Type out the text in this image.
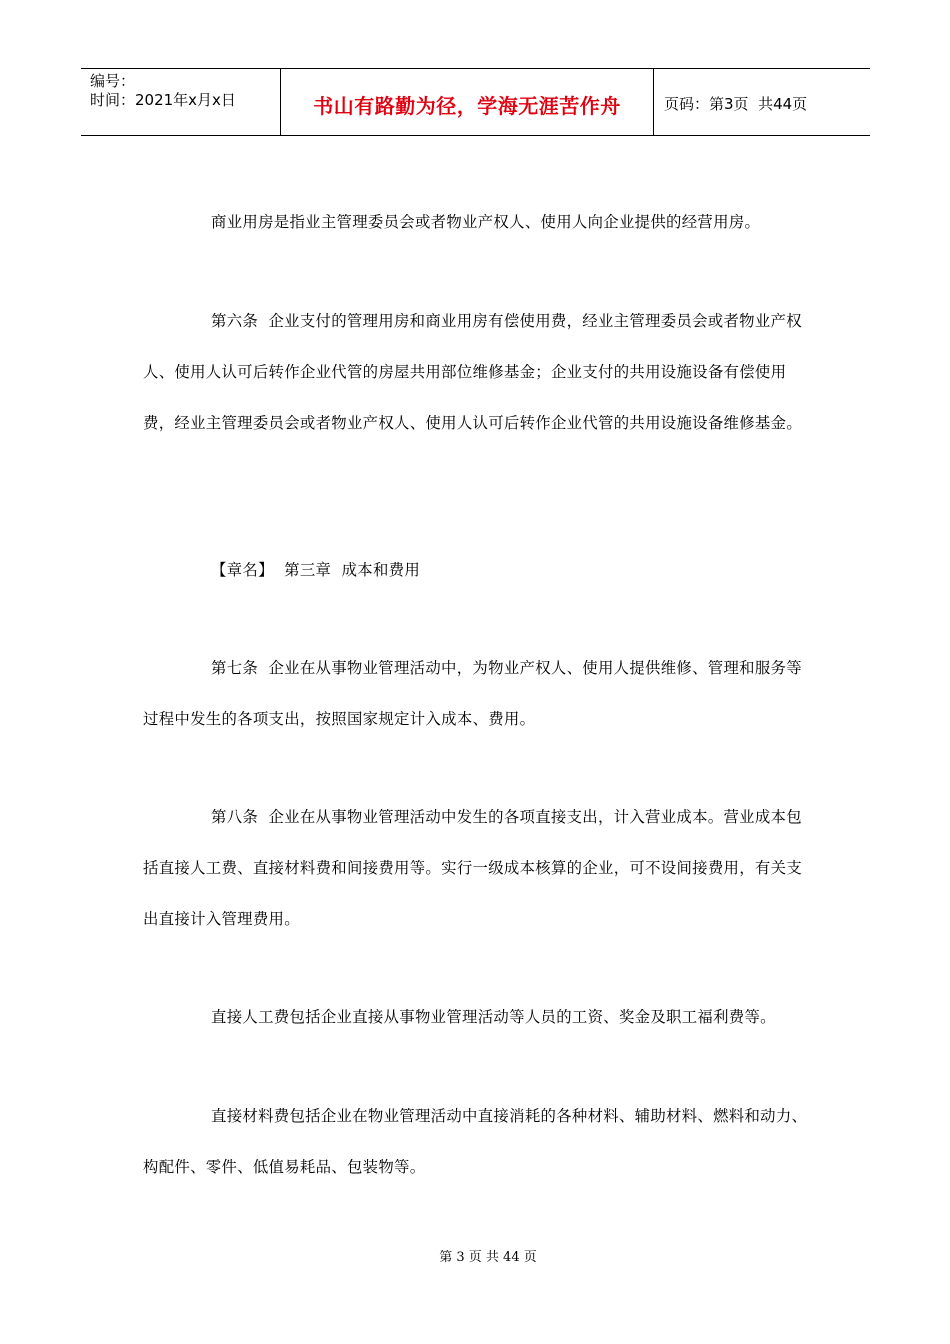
编号：
时间：2021年x月x日	书山有路勤为径，学海无涯苦作舟	页码：第3页  共44页
商业用房是指业主管理委员会或者物业产权人、使用人向企业提供的经营用房。
第六条  企业支付的管理用房和商业用房有偿使用费，经业主管理委员会或者物业产权人、使用人认可后转作企业代管的房屋共用部位维修基金；企业支付的共用设施设备有偿使用费，经业主管理委员会或者物业产权人、使用人认可后转作企业代管的共用设施设备维修基金。
【章名】  第三章  成本和费用
第七条  企业在从事物业管理活动中，为物业产权人、使用人提供维修、管理和服务等过程中发生的各项支出，按照国家规定计入成本、费用。
第八条  企业在从事物业管理活动中发生的各项直接支出，计入营业成本。营业成本包括直接人工费、直接材料费和间接费用等。实行一级成本核算的企业，可不设间接费用，有关支出直接计入管理费用。
直接人工费包括企业直接从事物业管理活动等人员的工资、奖金及职工福利费等。
直接材料费包括企业在物业管理活动中直接消耗的各种材料、辅助材料、燃料和动力、构配件、零件、低值易耗品、包装物等。
第 3 页 共 44 页
